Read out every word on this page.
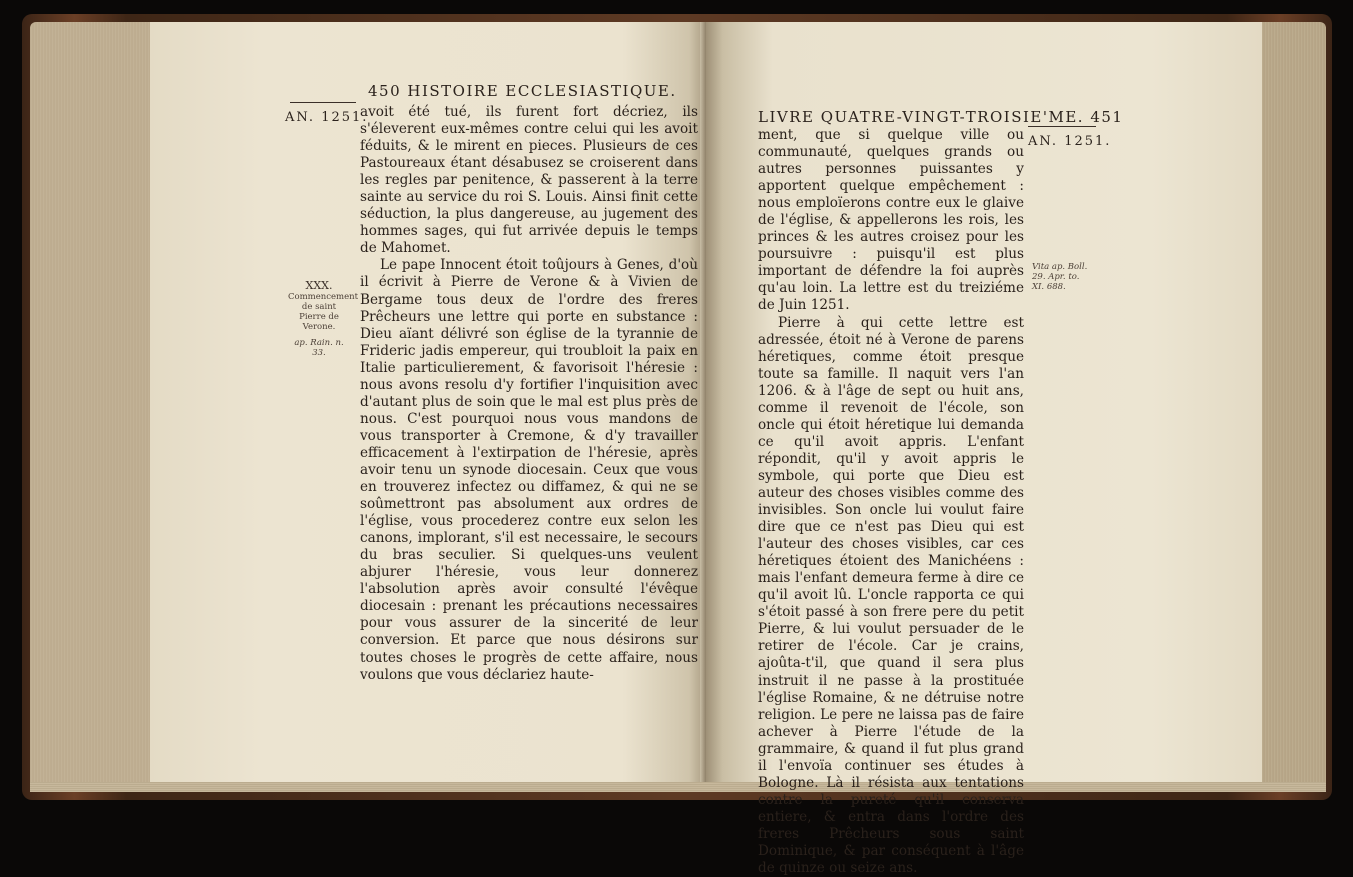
450 HISTOIRE ECCLESIASTIQUE.
AN. 1251.
XXX.
Commencement de saint Pierre de Verone.
ap. Rain. n. 33.

avoit été tué, ils furent fort décriez, ils s'éleverent eux-mêmes contre celui qui les avoit féduits, & le mirent en pieces. Plusieurs de ces Pastoureaux étant désabusez se croiserent dans les regles par penitence, & passerent à la terre sainte au service du roi S. Louis. Ainsi finit cette séduction, la plus dangereuse, au jugement des hommes sages, qui fut arrivée depuis le temps de Mahomet.

Le pape Innocent étoit toûjours à Genes, d'où il écrivit à Pierre de Verone & à Vivien de Bergame tous deux de l'ordre des freres Prêcheurs une lettre qui porte en substance : Dieu aïant délivré son église de la tyrannie de Frideric jadis empereur, qui troubloit la paix en Italie particulierement, & favorisoit l'héresie : nous avons resolu d'y fortifier l'inquisition avec d'autant plus de soin que le mal est plus près de nous. C'est pourquoi nous vous mandons de vous transporter à Cremone, & d'y travailler efficacement à l'extirpation de l'héresie, après avoir tenu un synode diocesain. Ceux que vous en trouverez infectez ou diffamez, & qui ne se soûmettront pas absolument aux ordres de l'église, vous procederez contre eux selon les canons, implorant, s'il est necessaire, le secours du bras seculier. Si quelques-uns veulent abjurer l'héresie, vous leur donnerez l'absolution après avoir consulté l'évêque diocesain : prenant les précautions necessaires pour vous assurer de la sincerité de leur conversion. Et parce que nous désirons sur toutes choses le progrès de cette affaire, nous voulons que vous déclariez haute-

LIVRE QUATRE-VINGT-TROISIE'ME. 451
AN. 1251.
Vita ap. Boll. 29. Apr. to. XI. 688.

ment, que si quelque ville ou communauté, quelques grands ou autres personnes puissantes y apportent quelque empêchement : nous emploïerons contre eux le glaive de l'église, & appellerons les rois, les princes & les autres croisez pour les poursuivre : puisqu'il est plus important de défendre la foi auprès qu'au loin. La lettre est du treiziéme de Juin 1251.

Pierre à qui cette lettre est adressée, étoit né à Verone de parens héretiques, comme étoit presque toute sa famille. Il naquit vers l'an 1206. & à l'âge de sept ou huit ans, comme il revenoit de l'école, son oncle qui étoit héretique lui demanda ce qu'il avoit appris. L'enfant répondit, qu'il y avoit appris le symbole, qui porte que Dieu est auteur des choses visibles comme des invisibles. Son oncle lui voulut faire dire que ce n'est pas Dieu qui est l'auteur des choses visibles, car ces héretiques étoient des Manichéens : mais l'enfant demeura ferme à dire ce qu'il avoit lû. L'oncle rapporta ce qui s'étoit passé à son frere pere du petit Pierre, & lui voulut persuader de le retirer de l'école. Car je crains, ajoûta-t'il, que quand il sera plus instruit il ne passe à la prostituée l'église Romaine, & ne détruise notre religion. Le pere ne laissa pas de faire achever à Pierre l'étude de la grammaire, & quand il fut plus grand il l'envoïa continuer ses études à Bologne. Là il résista aux tentations contre la pureté qu'il conserva entiere, & entra dans l'ordre des freres Prêcheurs sous saint Dominique, & par conséquent à l'âge de quinze ou seize ans.
